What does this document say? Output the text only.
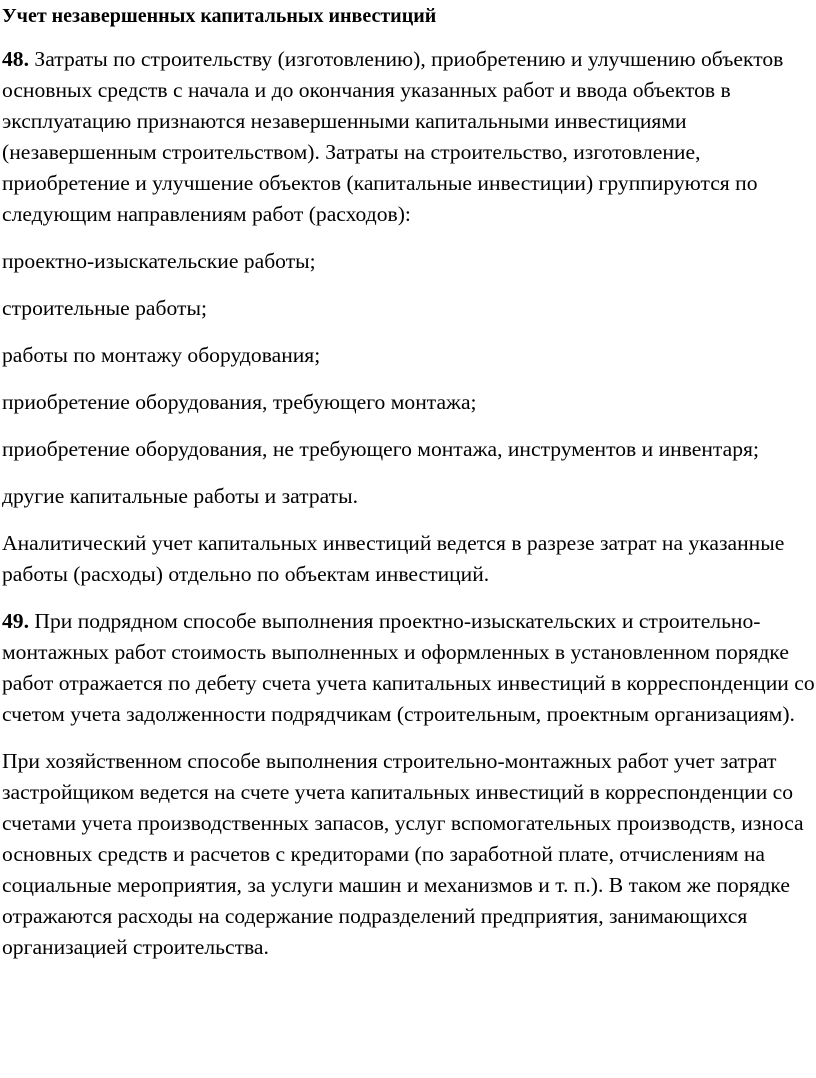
Учет незавершенных капитальных инвестиций

48. Затраты по строительству (изготовлению), приобретению и улучшению объектов основных средств с начала и до окончания указанных работ и ввода объектов в эксплуатацию признаются незавершенными капитальными инвестициями (незавершенным строительством). Затраты на строительство, изготовление, приобретение и улучшение объектов (капитальные инвестиции) группируются по следующим направлениям работ (расходов):

проектно-изыскательские работы;

строительные работы;

работы по монтажу оборудования;

приобретение оборудования, требующего монтажа;

приобретение оборудования, не требующего монтажа, инструментов и инвентаря;

другие капитальные работы и затраты.

Аналитический учет капитальных инвестиций ведется в разрезе затрат на указанные работы (расходы) отдельно по объектам инвестиций.

49. При подрядном способе выполнения проектно-изыскательских и строительно-монтажных работ стоимость выполненных и оформленных в установленном порядке работ отражается по дебету счета учета капитальных инвестиций в корреспонденции со счетом учета задолженности подрядчикам (строительным, проектным организациям).

При хозяйственном способе выполнения строительно-монтажных работ учет затрат застройщиком ведется на счете учета капитальных инвестиций в корреспонденции со счетами учета производственных запасов, услуг вспомогательных производств, износа основных средств и расчетов с кредиторами (по заработной плате, отчислениям на социальные мероприятия, за услуги машин и механизмов и т. п.). В таком же порядке отражаются расходы на содержание подразделений предприятия, занимающихся организацией строительства.
